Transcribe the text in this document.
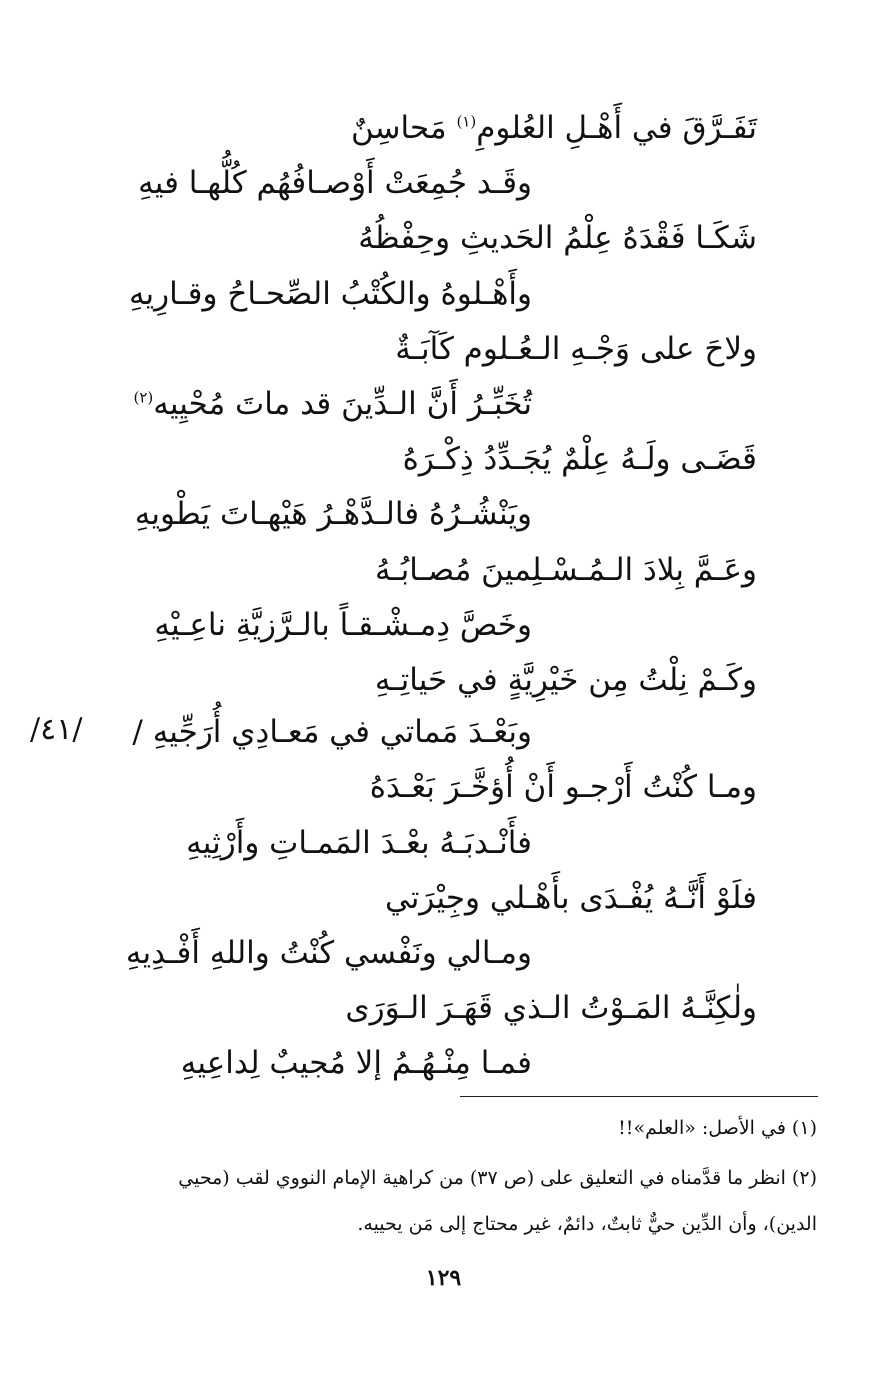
تَفَـرَّقَ في أَهْـلِ العُلومِ$^{(١)}$ مَحاسِنٌ
وقَـد جُمِعَتْ أَوْصـافُهُم كُلُّهـا فيهِ
شَكَـا فَقْدَهُ عِلْمُ الحَديثِ وحِفْظُهُ
وأَهْـلوهُ والكُتْبُ الصِّحـاحُ وقـارِيهِ
ولاحَ على وَجْـهِ الـعُـلوم كَآبَـةٌ
تُخَبِّـرُ أَنَّ الـدِّينَ قد ماتَ مُحْيِيه$^{(٢)}$
قَضَـى ولَـهُ عِلْمٌ يُجَـدِّدُ ذِكْـرَهُ
ويَنْشُـرُهُ فالـدَّهْـرُ هَيْهـاتَ يَطْويهِ
وعَـمَّ بِلادَ الـمُـسْـلِمينَ مُصـابُـهُ
وخَصَّ دِمـشْـقـاً بالـرَّزيَّةِ ناعِـيْهِ
وكَـمْ نِلْتُ مِن خَيْرِيَّةٍ في حَياتِـهِ
وبَعْـدَ مَماتي في مَعـادِي أُرَجِّيهِ /
ومـا كُنْتُ أَرْجـو أَنْ أُؤخَّـرَ بَعْـدَهُ
فأَنْـدبَـهُ بعْـدَ المَمـاتِ وأَرْثِيهِ
فلَوْ أَنَّـهُ يُفْـدَى بأَهْـلي وجِيْرَتي
ومـالي ونَفْسي كُنْتُ واللهِ أَفْـدِيهِ
ولٰكِنَّـهُ المَـوْتُ الـذي قَهَـرَ الـوَرَى
فمـا مِنْـهُـمُ إلا مُجيبٌ لِداعِيهِ
/٤١/
(١) في الأصل: «العلم»!!
(٢) انظر ما قدَّمناه في التعليق على (ص ٣٧) من كراهية الإمام النووي لقب (محيي
الدين)، وأن الدِّين حيٌّ ثابتٌ، دائمٌ، غير محتاج إلى مَن يحييه.
١٢٩
